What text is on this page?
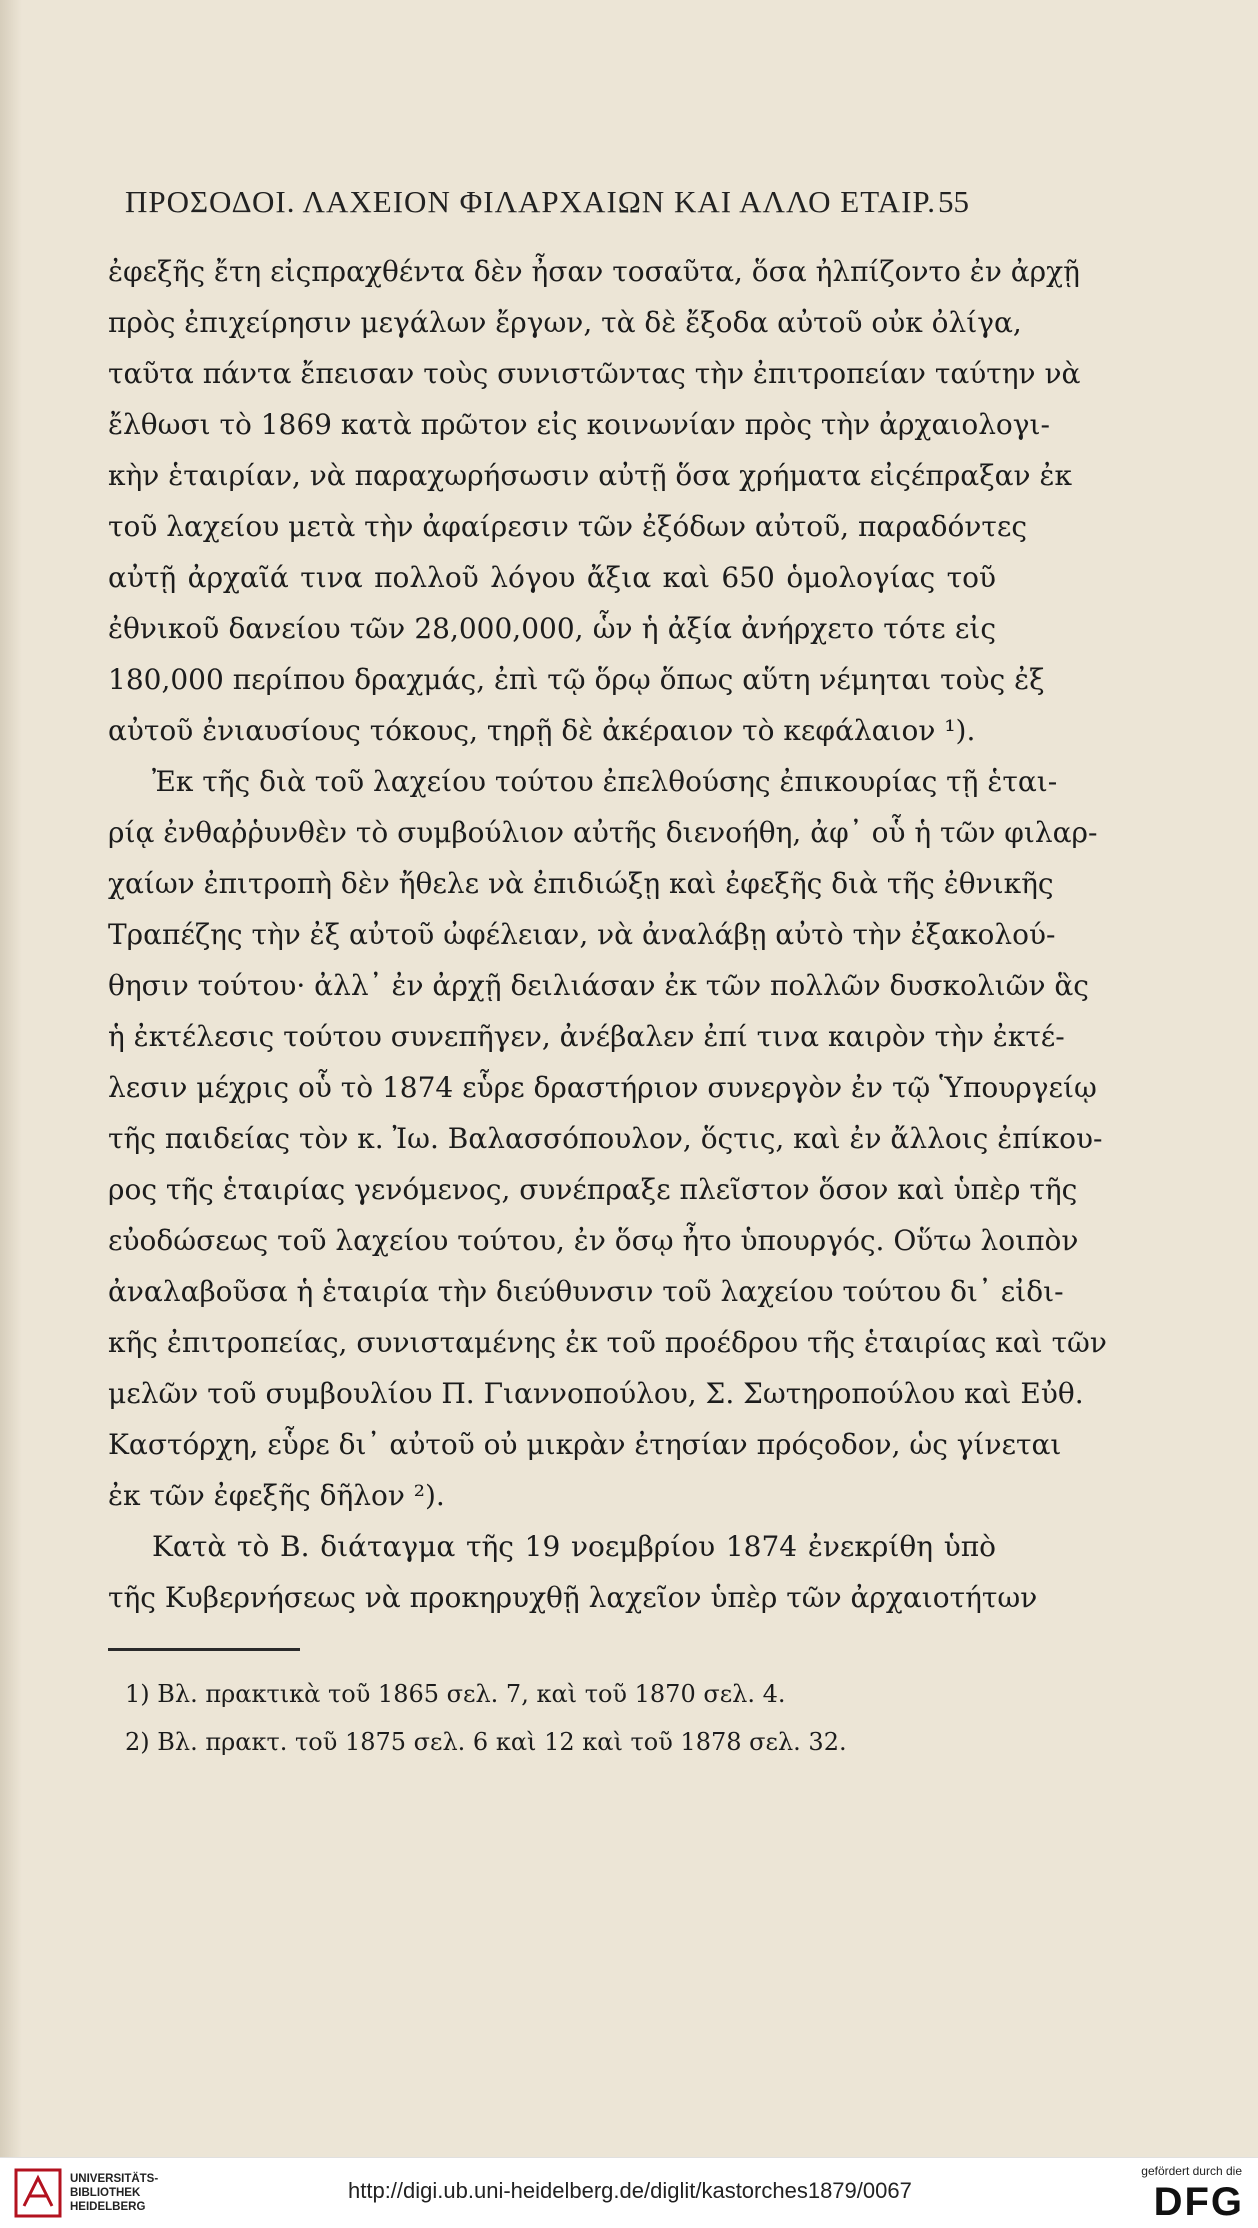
ΠΡΟΣΟΔΟΙ. ΛΑΧΕΙΟΝ ΦΙΛΑΡΧΑΙΩΝ ΚΑΙ ΑΛΛΟ ΕΤΑΙΡ. 55
ἐφεξῆς ἔτη εἰςπραχθέντα δὲν ἦσαν τοσαῦτα, ὅσα ἠλπίζοντο ἐν ἀρχῇ
πρὸς ἐπιχείρησιν μεγάλων ἔργων, τὰ δὲ ἔξοδα αὐτοῦ οὐκ ὀλίγα,
ταῦτα πάντα ἔπεισαν τοὺς συνιστῶντας τὴν ἐπιτροπείαν ταύτην νὰ
ἔλθωσι τὸ 1869 κατὰ πρῶτον εἰς κοινωνίαν πρὸς τὴν ἀρχαιολογι-
κὴν ἑταιρίαν, νὰ παραχωρήσωσιν αὐτῇ ὅσα χρήματα εἰςέπραξαν ἐκ
τοῦ λαχείου μετὰ τὴν ἀφαίρεσιν τῶν ἐξόδων αὐτοῦ, παραδόντες
αὐτῇ ἀρχαῖά τινα πολλοῦ λόγου ἄξια καὶ 650 ὁμολογίας τοῦ
ἐθνικοῦ δανείου τῶν 28,000,000, ὧν ἡ ἀξία ἀνήρχετο τότε εἰς
180,000 περίπου δραχμάς, ἐπὶ τῷ ὅρῳ ὅπως αὕτη νέμηται τοὺς ἐξ
αὐτοῦ ἐνιαυσίους τόκους, τηρῇ δὲ ἀκέραιον τὸ κεφάλαιον ¹).
Ἐκ τῆς διὰ τοῦ λαχείου τούτου ἐπελθούσης ἐπικουρίας τῇ ἑται-
ρίᾳ ἐνθαῤῥυνθὲν τὸ συμβούλιον αὐτῆς διενοήθη, ἀφ᾽ οὗ ἡ τῶν φιλαρ-
χαίων ἐπιτροπὴ δὲν ἤθελε νὰ ἐπιδιώξῃ καὶ ἐφεξῆς διὰ τῆς ἐθνικῆς
Τραπέζης τὴν ἐξ αὐτοῦ ὠφέλειαν, νὰ ἀναλάβῃ αὐτὸ τὴν ἐξακολού-
θησιν τούτου· ἀλλ᾽ ἐν ἀρχῇ δειλιάσαν ἐκ τῶν πολλῶν δυσκολιῶν ἃς
ἡ ἐκτέλεσις τούτου συνεπῆγεν, ἀνέβαλεν ἐπί τινα καιρὸν τὴν ἐκτέ-
λεσιν μέχρις οὗ τὸ 1874 εὗρε δραστήριον συνεργὸν ἐν τῷ Ὑπουργείῳ
τῆς παιδείας τὸν κ. Ἰω. Βαλασσόπουλον, ὅςτις, καὶ ἐν ἄλλοις ἐπίκου-
ρος τῆς ἑταιρίας γενόμενος, συνέπραξε πλεῖστον ὅσον καὶ ὑπὲρ τῆς
εὐοδώσεως τοῦ λαχείου τούτου, ἐν ὅσῳ ἦτο ὑπουργός. Οὕτω λοιπὸν
ἀναλαβοῦσα ἡ ἑταιρία τὴν διεύθυνσιν τοῦ λαχείου τούτου δι᾽ εἰδι-
κῆς ἐπιτροπείας, συνισταμένης ἐκ τοῦ προέδρου τῆς ἑταιρίας καὶ τῶν
μελῶν τοῦ συμβουλίου Π. Γιαννοπούλου, Σ. Σωτηροπούλου καὶ Εὐθ.
Καστόρχη, εὗρε δι᾽ αὐτοῦ οὐ μικρὰν ἐτησίαν πρόςοδον, ὡς γίνεται
ἐκ τῶν ἐφεξῆς δῆλον ²).
Κατὰ τὸ Β. διάταγμα τῆς 19 νοεμβρίου 1874 ἐνεκρίθη ὑπὸ
τῆς Κυβερνήσεως νὰ προκηρυχθῇ λαχεῖον ὑπὲρ τῶν ἀρχαιοτήτων
1) Βλ. πρακτικὰ τοῦ 1865 σελ. 7, καὶ τοῦ 1870 σελ. 4.
2) Βλ. πρακτ. τοῦ 1875 σελ. 6 καὶ 12 καὶ τοῦ 1878 σελ. 32.
UNIVERSITÄTS-
BIBLIOTHEK
HEIDELBERG
http://digi.ub.uni-heidelberg.de/diglit/kastorches1879/0067
gefördert durch die
DFG
